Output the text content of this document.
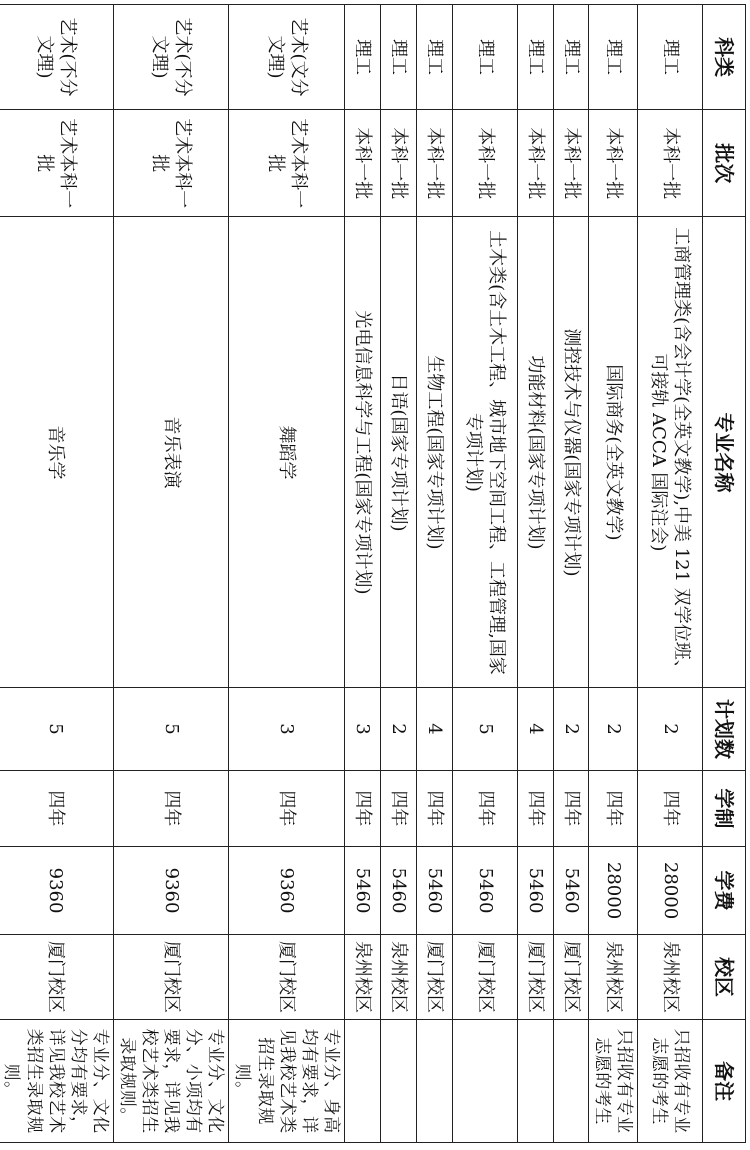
科类	批次	专业名称	计划数	学制	学费	校区	备注
理工	本科一批	工商管理类(含会计学(全英文教学),中美 121 双学位班、可接轨 ACCA 国际注会)	2	四年	28000	泉州校区	只招收有专业志愿的考生
理工	本科一批	国际商务(全英文教学)	2	四年	28000	泉州校区	只招收有专业志愿的考生
理工	本科一批	测控技术与仪器(国家专项计划)	2	四年	5460	厦门校区	
理工	本科一批	功能材料(国家专项计划)	4	四年	5460	厦门校区	
理工	本科一批	土木类(含土木工程、城市地下空间工程、工程管理,国家专项计划)	5	四年	5460	厦门校区	
理工	本科一批	生物工程(国家专项计划)	4	四年	5460	厦门校区	
理工	本科一批	日语(国家专项计划)	2	四年	5460	泉州校区	
理工	本科一批	光电信息科学与工程(国家专项计划)	3	四年	5460	泉州校区	
艺术(文分文理)	艺术本科一批	舞蹈学	3	四年	9360	厦门校区	专业分、身高均有要求，详见我校艺术类招生录取规则。
艺术(不分文理)	艺术本科一批	音乐表演	5	四年	9360	厦门校区	专业分、文化分、小项均有要求，详见我校艺术类招生录取规则。
艺术(不分文理)	艺术本科一批	音乐学	5	四年	9360	厦门校区	专业分、文化分均有要求，详见我校艺术类招生录取规则。
